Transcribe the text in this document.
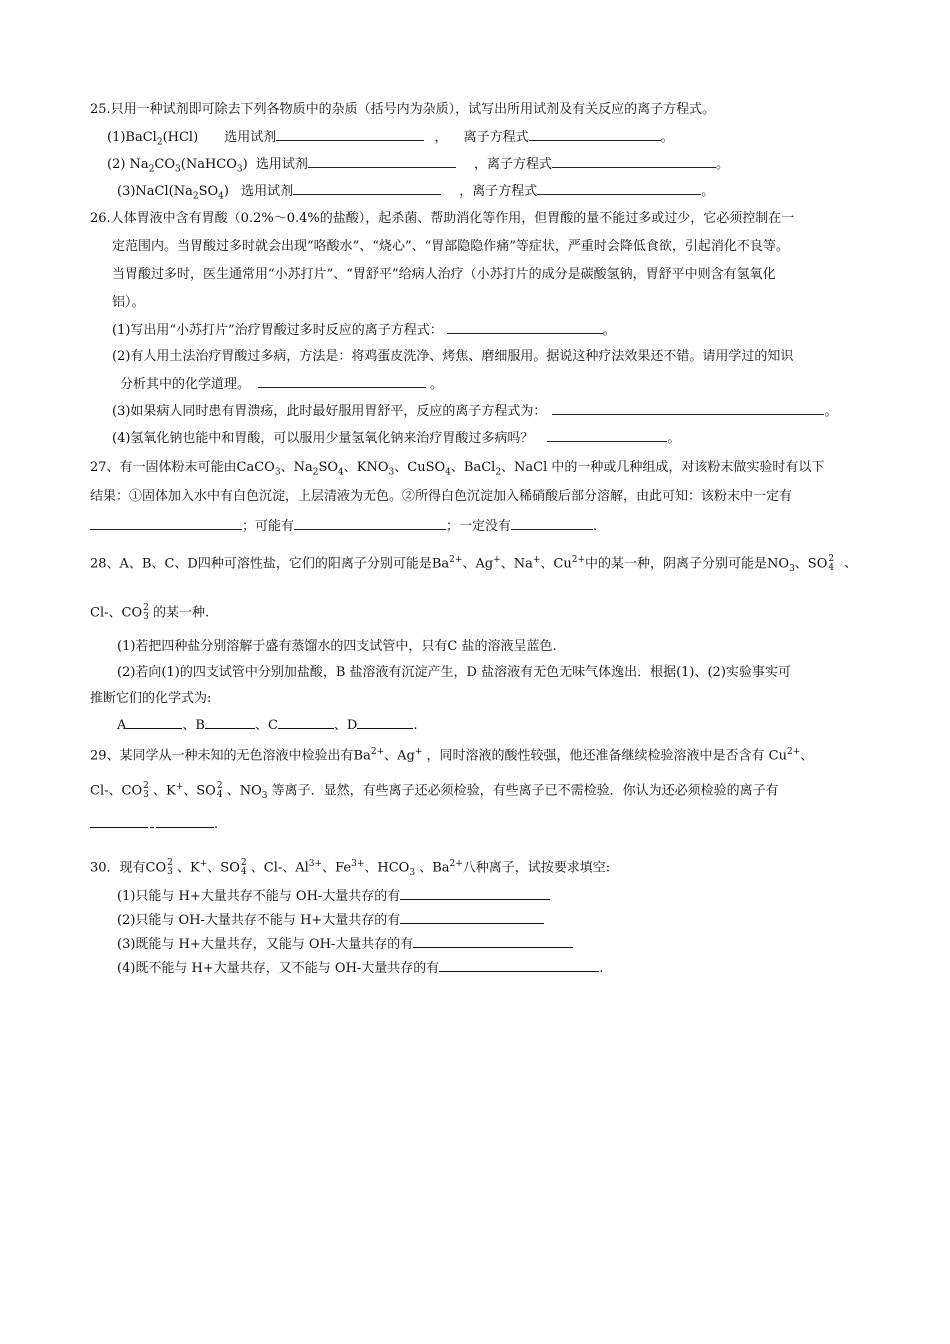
25.只用一种试剂即可除去下列各物质中的杂质（括号内为杂质），试写出所用试剂及有关反应的离子方程式。
(1)BaCl$_2$(HCl) 选用试剂	， 离子方程式	。
(2) $Na_2CO_3(NaHCO_3)$ 选用试剂	，离子方程式	。
$(3)NaCl(Na_2SO_4)$ 选用试剂	，离子方程式	。
26.人体胃液中含有胃酸（0.2%～0.4%的盐酸），起杀菌、帮助消化等作用，但胃酸的量不能过多或过少，它必须控制在一
定范围内。当胃酸过多时就会出现“咯酸水”、“烧心”、“胃部隐隐作痛”等症状，严重时会降低食欲，引起消化不良等。
当胃酸过多时，医生通常用“小苏打片”、“胃舒平”给病人治疗（小苏打片的成分是碳酸氢钠，胃舒平中则含有氢氧化
铝）。
(1)写出用“小苏打片”治疗胃酸过多时反应的离子方程式：	。
(2)有人用土法治疗胃酸过多病，方法是：将鸡蛋皮洗净、烤焦、磨细服用。据说这种疗法效果还不错。请用学过的知识
分析其中的化学道理。	。
(3)如果病人同时患有胃溃疡，此时最好服用胃舒平，反应的离子方程式为：	。
(4)氢氧化钠也能中和胃酸，可以服用少量氢氧化钠来治疗胃酸过多病吗？	。
27、有一固体粉末可能由CaCO$_3$、$Na_2SO_4$、$KNO_3$、CuSO$_4$、BaCl$_2$、NaCl 中的一种或几种组成，对该粉末做实验时有以下
结果：①固体加入水中有白色沉淀，上层清液为无色。②所得白色沉淀加入稀硝酸后部分溶解，由此可知：该粉末中一定有
；可能有	；一定没有	.
28、A、B、C、D四种可溶性盐，它们的阳离子分别可能是$Ba^{2+}$、Ag+、Na+、$Cu^{2+}$中的某一种，阴离子分别可能是$NO_3$、SO2
4 、
Cl-、CO2
3 的某一种.
(1)若把四种盐分别溶解于盛有蒸馏水的四支试管中，只有C 盐的溶液呈蓝色.
(2)若向(1)的四支试管中分别加盐酸，B 盐溶液有沉淀产生，D 盐溶液有无色无味气体逸出．根据(1)、(2)实验事实可
推断它们的化学式为:
A	、B	、C	、D	.
29、某同学从一种未知的无色溶液中检验出有$Ba^{2+}$、Ag+ ，同时溶液的酸性较强，他还准备继续检验溶液中是否含有 $Cu^{2+}$、
Cl-、CO2
3 、K+、SO2
4 、$NO_3$ 等离子．显然，有些离子还必须检验，有些离子已不需检验．你认为还必须检验的离子有
.
30．现有CO2
3 、K+、SO2
4 、Cl-、$Al^{3+}$、$Fe^{3+}$、$HCO_3$ 、$Ba^{2+}$八种离子，试按要求填空:
(1)只能与 H+大量共存不能与 OH-大量共存的有
(2)只能与 OH-大量共存不能与 H+大量共存的有
(3)既能与 H+大量共存，又能与 OH-大量共存的有
(4)既不能与 H+大量共存，又不能与 OH-大量共存的有	.
